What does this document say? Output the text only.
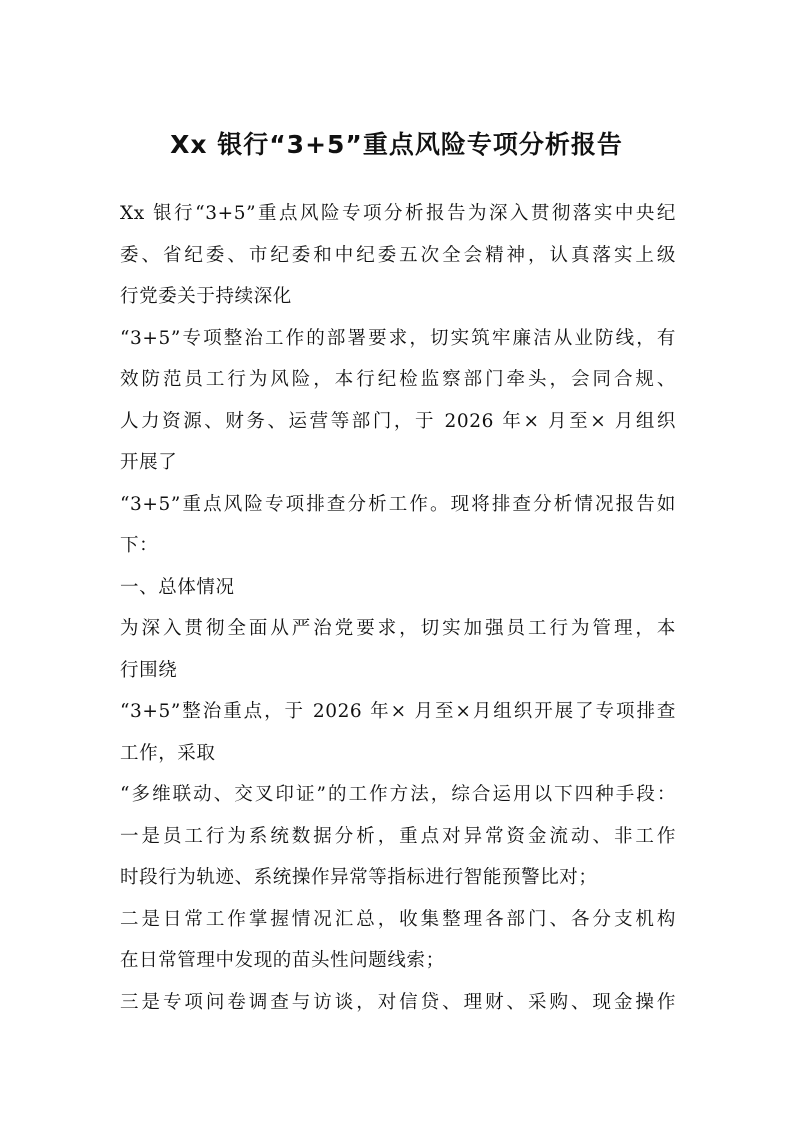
Xx 银行“3+5”重点风险专项分析报告
Xx 银行“3+5”重点风险专项分析报告为深入贯彻落实中央纪
委、省纪委、市纪委和中纪委五次全会精神，认真落实上级
行党委关于持续深化
“3+5”专项整治工作的部署要求，切实筑牢廉洁从业防线，有
效防范员工行为风险，本行纪检监察部门牵头，会同合规、
人力资源、财务、运营等部门，于 2026 年× 月至× 月组织
开展了
“3+5”重点风险专项排查分析工作。现将排查分析情况报告如
下：
一、总体情况
为深入贯彻全面从严治党要求，切实加强员工行为管理，本
行围绕
“3+5”整治重点，于 2026 年× 月至×月组织开展了专项排查
工作，采取
“多维联动、交叉印证”的工作方法，综合运用以下四种手段：
一是员工行为系统数据分析，重点对异常资金流动、非工作
时段行为轨迹、系统操作异常等指标进行智能预警比对；
二是日常工作掌握情况汇总，收集整理各部门、各分支机构
在日常管理中发现的苗头性问题线索；
三是专项问卷调查与访谈，对信贷、理财、采购、现金操作
